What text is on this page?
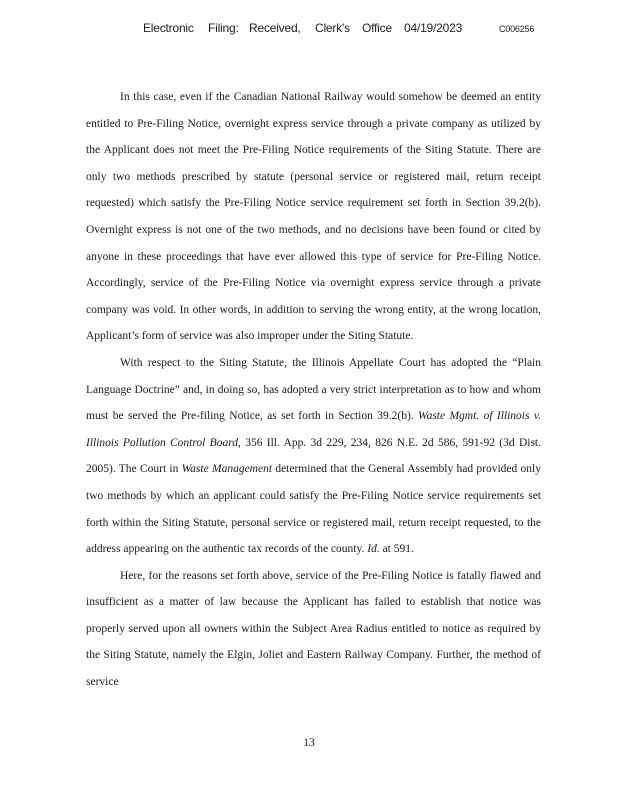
Electronic Filing: Received, Clerk's Office 04/19/2023	C006256

In this case, even if the Canadian National Railway would somehow be deemed an entity entitled to Pre-Filing Notice, overnight express service through a private company as utilized by the Applicant does not meet the Pre-Filing Notice requirements of the Siting Statute. There are only two methods prescribed by statute (personal service or registered mail, return receipt requested) which satisfy the Pre-Filing Notice service requirement set forth in Section 39.2(b). Overnight express is not one of the two methods, and no decisions have been found or cited by anyone in these proceedings that have ever allowed this type of service for Pre-Filing Notice. Accordingly, service of the Pre-Filing Notice via overnight express service through a private company was void. In other words, in addition to serving the wrong entity, at the wrong location, Applicant’s form of service was also improper under the Siting Statute.

With respect to the Siting Statute, the Illinois Appellate Court has adopted the “Plain Language Doctrine” and, in doing so, has adopted a very strict interpretation as to how and whom must be served the Pre-filing Notice, as set forth in Section 39.2(b). Waste Mgmt. of Illinois v. Illinois Pollution Control Board, 356 Ill. App. 3d 229, 234, 826 N.E. 2d 586, 591-92 (3d Dist. 2005). The Court in Waste Management determined that the General Assembly had provided only two methods by which an applicant could satisfy the Pre-Filing Notice service requirements set forth within the Siting Statute, personal service or registered mail, return receipt requested, to the address appearing on the authentic tax records of the county. Id. at 591.

Here, for the reasons set forth above, service of the Pre-Filing Notice is fatally flawed and insufficient as a matter of law because the Applicant has failed to establish that notice was properly served upon all owners within the Subject Area Radius entitled to notice as required by the Siting Statute, namely the Elgin, Joliet and Eastern Railway Company. Further, the method of service

13
